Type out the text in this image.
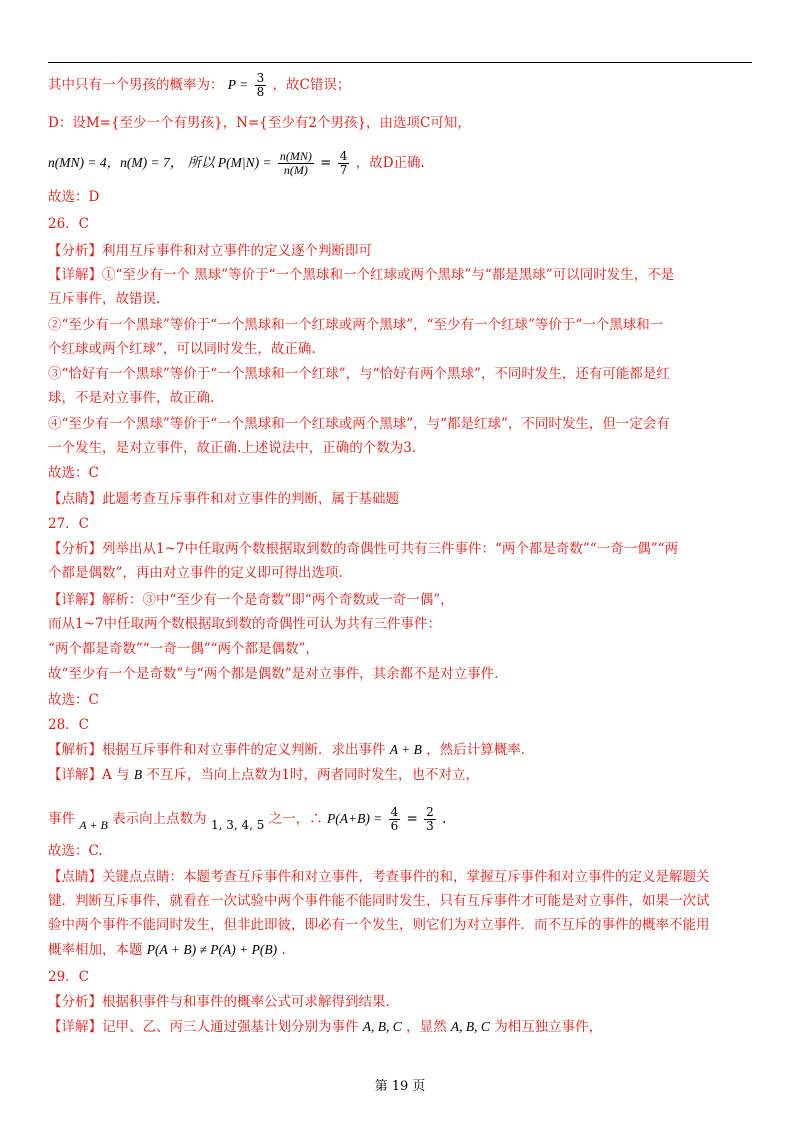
其中只有一个男孩的概率为： $P = \frac{3}{8}$ ，故C错误；
D：设M={至少一个有男孩}，N={至少有2个男孩}，由选项C可知，
n(MN) = 4，n(M) = 7， 所以 $P(M|N) = \frac{n(MN)}{n(M)} = \frac{4}{7}$ ，故D正确.
故选：D
26．C
【分析】利用互斥事件和对立事件的定义逐个判断即可
【详解】①“至少有一个 黑球”等价于“一个黑球和一个红球或两个黑球”与“都是黑球”可以同时发生，不是
互斥事件，故错误.
②“至少有一个黑球”等价于“一个黑球和一个红球或两个黑球”，“至少有一个红球”等价于“一个黑球和一
个红球或两个红球”，可以同时发生，故正确.
③“恰好有一个黑球”等价于“一个黑球和一个红球”，与“恰好有两个黑球”，不同时发生，还有可能都是红
球，不是对立事件，故正确.
④“至少有一个黑球”等价于“一个黑球和一个红球或两个黑球”，与“都是红球”，不同时发生，但一定会有
一个发生，是对立事件，故正确.上述说法中，正确的个数为3.
故选：C
【点睛】此题考查互斥事件和对立事件的判断，属于基础题
27．C
【分析】列举出从1~7中任取两个数根据取到数的奇偶性可共有三件事件：“两个都是奇数”“一奇一偶”“两
个都是偶数”，再由对立事件的定义即可得出选项.
【详解】解析：③中“至少有一个是奇数”即“两个奇数或一奇一偶”，
而从1~7中任取两个数根据取到数的奇偶性可认为共有三件事件：
“两个都是奇数”“一奇一偶”“两个都是偶数”，
故“至少有一个是奇数”与“两个都是偶数”是对立事件，其余都不是对立事件.
故选：C
28．C
【解析】根据互斥事件和对立事件的定义判断．求出事件 A + B ，然后计算概率．
【详解】A 与 B 不互斥，当向上点数为1时，两者同时发生，也不对立，
事件 A + B 表示向上点数为 1, 3, 4, 5 之一，∴ $P(A+B) = \frac{4}{6} = \frac{2}{3}$ .
故选：C.
【点睛】关键点点睛：本题考查互斥事件和对立事件，考查事件的和，掌握互斥事件和对立事件的定义是解题关
键．判断互斥事件，就看在一次试验中两个事件能不能同时发生，只有互斥事件才可能是对立事件，如果一次试
验中两个事件不能同时发生，但非此即彼，即必有一个发生，则它们为对立事件．而不互斥的事件的概率不能用
概率相加，本题 P(A + B) ≠ P(A) + P(B) .
29．C
【分析】根据积事件与和事件的概率公式可求解得到结果.
【详解】记甲、乙、丙三人通过强基计划分别为事件 A, B, C ，显然 A, B, C 为相互独立事件，
第 19 页
